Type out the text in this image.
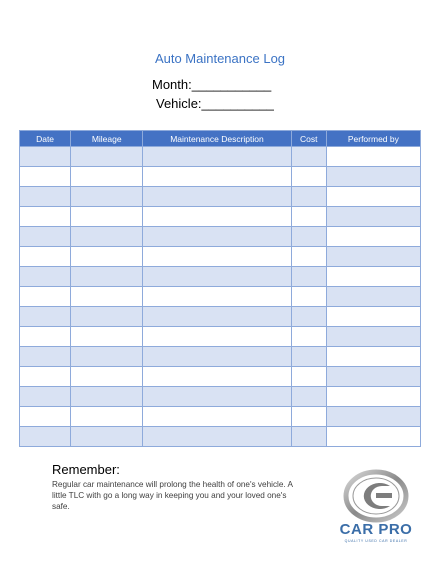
Auto Maintenance Log
Month:___________
Vehicle:__________
Date	Mileage	Maintenance Description	Cost	Performed by

Remember:
Regular car maintenance will prolong the health of one's vehicle. A little TLC with go a long way in keeping you and your loved one's safe.
CAR PRO
QUALITY USED CAR DEALER
